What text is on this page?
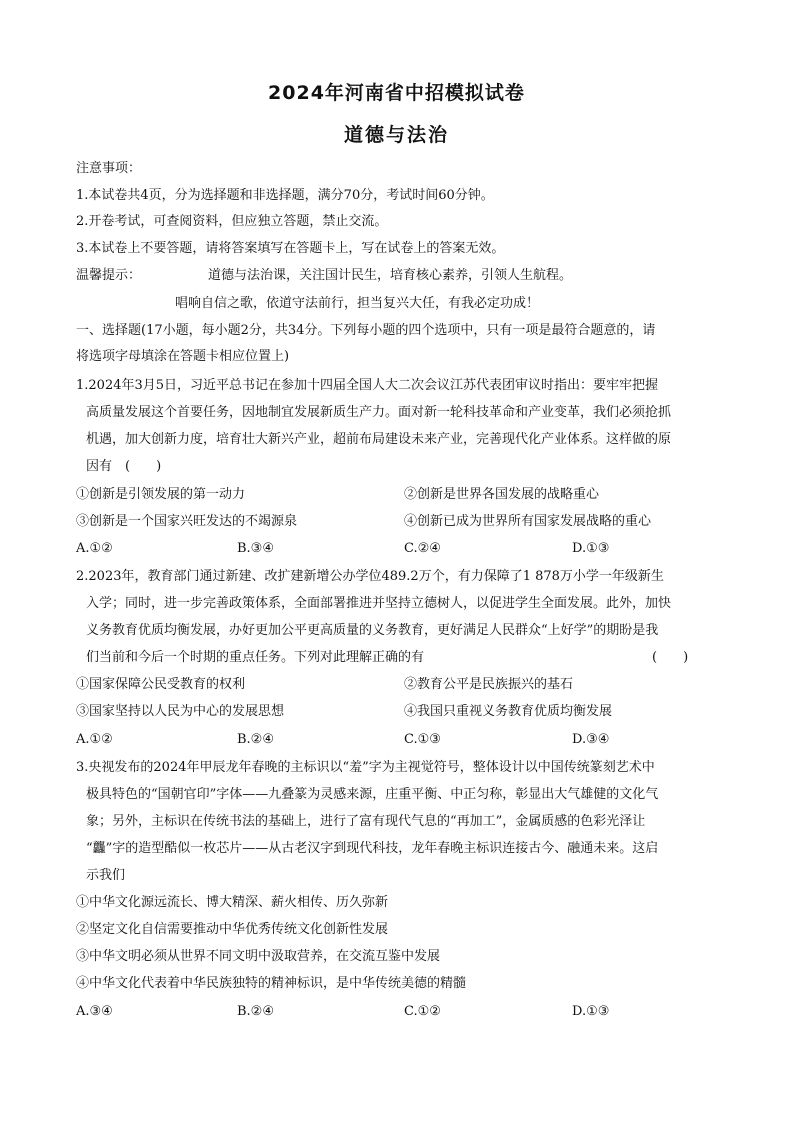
2024年河南省中招模拟试卷
道德与法治
注意事项：
1.本试卷共4页，分为选择题和非选择题，满分70分，考试时间60分钟。
2.开卷考试，可查阅资料，但应独立答题，禁止交流。
3.本试卷上不要答题，请将答案填写在答题卡上，写在试卷上的答案无效。
温馨提示：	道德与法治课，关注国计民生，培育核心素养，引领人生航程。
唱响自信之歌，依道守法前行，担当复兴大任，有我必定功成！
一、选择题(17小题，每小题2分，共34分。下列每小题的四个选项中，只有一项是最符合题意的，请
将选项字母填涂在答题卡相应位置上)
1.2024年3月5日，习近平总书记在参加十四届全国人大二次会议江苏代表团审议时指出：要牢牢把握
高质量发展这个首要任务，因地制宜发展新质生产力。面对新一轮科技革命和产业变革，我们必须抢抓
机遇，加大创新力度，培育壮大新兴产业，超前布局建设未来产业，完善现代化产业体系。这样做的原
因有　(　　)
①创新是引领发展的第一动力	②创新是世界各国发展的战略重心
③创新是一个国家兴旺发达的不竭源泉	④创新已成为世界所有国家发展战略的重心
A.①②	B.③④	C.②④	D.①③
2.2023年，教育部门通过新建、改扩建新增公办学位489.2万个，有力保障了1 878万小学一年级新生
入学；同时，进一步完善政策体系，全面部署推进并坚持立德树人，以促进学生全面发展。此外，加快
义务教育优质均衡发展，办好更加公平更高质量的义务教育，更好满足人民群众“上好学”的期盼是我
们当前和今后一个时期的重点任务。下列对此理解正确的有	(　　)
①国家保障公民受教育的权利	②教育公平是民族振兴的基石
③国家坚持以人民为中心的发展思想	④我国只重视义务教育优质均衡发展
A.①②	B.②④	C.①③	D.③④
3.央视发布的2024年甲辰龙年春晚的主标识以“羞”字为主视觉符号，整体设计以中国传统篆刻艺术中
极具特色的“国朝官印”字体——九叠篆为灵感来源，庄重平衡、中正匀称，彰显出大气雄健的文化气
象；另外，主标识在传统书法的基础上，进行了富有现代气息的“再加工”，金属质感的色彩光泽让
“龘”字的造型酷似一枚芯片——从古老汉字到现代科技，龙年春晚主标识连接古今、融通未来。这启
示我们
①中华文化源远流长、博大精深、薪火相传、历久弥新
②坚定文化自信需要推动中华优秀传统文化创新性发展
③中华文明必须从世界不同文明中汲取营养，在交流互鉴中发展
④中华文化代表着中华民族独特的精神标识，是中华传统美德的精髓
A.③④	B.②④	C.①②	D.①③
